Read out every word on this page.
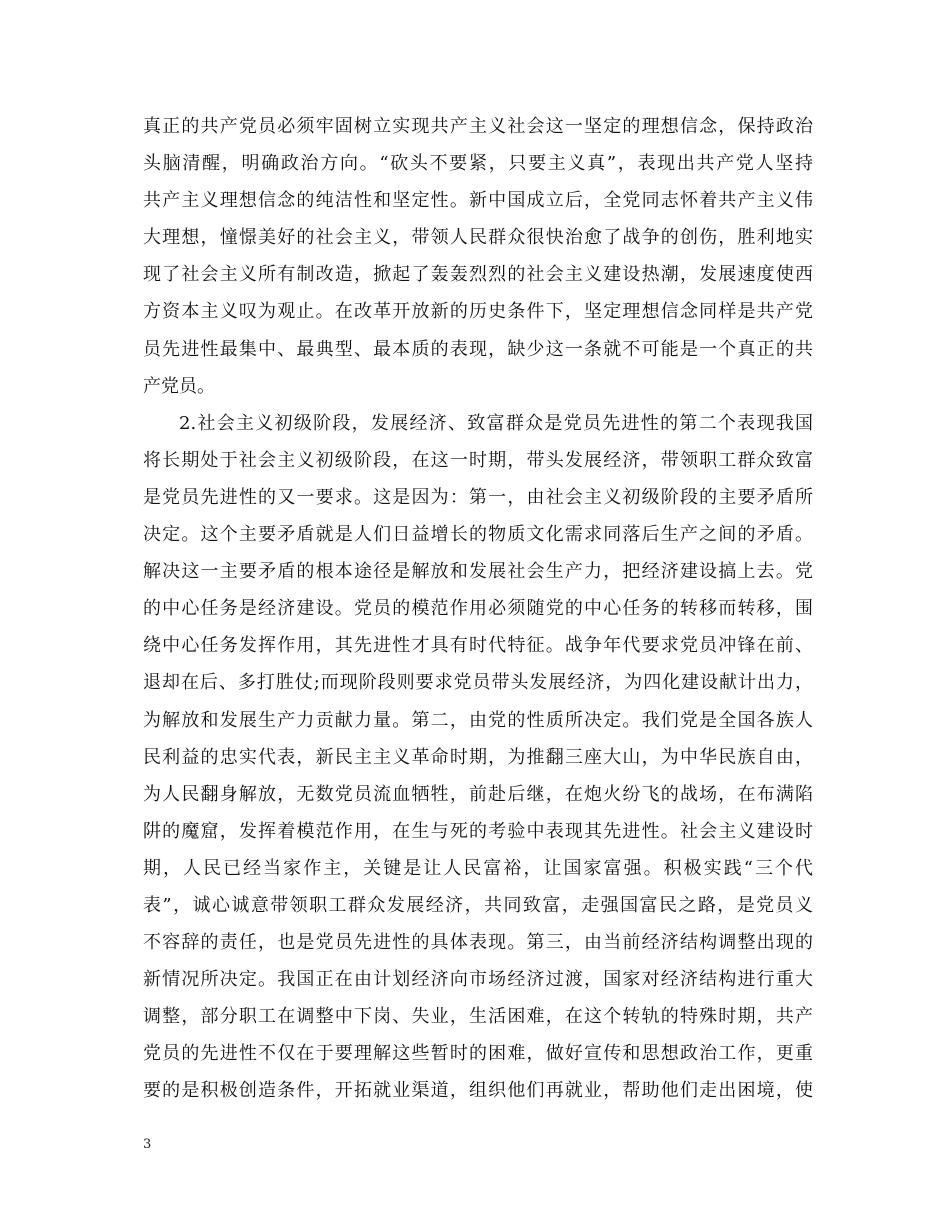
真正的共产党员必须牢固树立实现共产主义社会这一坚定的理想信念，保持政治
头脑清醒，明确政治方向。“砍头不要紧，只要主义真”，表现出共产党人坚持
共产主义理想信念的纯洁性和坚定性。新中国成立后，全党同志怀着共产主义伟
大理想，憧憬美好的社会主义，带领人民群众很快治愈了战争的创伤，胜利地实
现了社会主义所有制改造，掀起了轰轰烈烈的社会主义建设热潮，发展速度使西
方资本主义叹为观止。在改革开放新的历史条件下，坚定理想信念同样是共产党
员先进性最集中、最典型、最本质的表现，缺少这一条就不可能是一个真正的共
产党员。
2.社会主义初级阶段，发展经济、致富群众是党员先进性的第二个表现我国
将长期处于社会主义初级阶段，在这一时期，带头发展经济，带领职工群众致富
是党员先进性的又一要求。这是因为：第一，由社会主义初级阶段的主要矛盾所
决定。这个主要矛盾就是人们日益增长的物质文化需求同落后生产之间的矛盾。
解决这一主要矛盾的根本途径是解放和发展社会生产力，把经济建设搞上去。党
的中心任务是经济建设。党员的模范作用必须随党的中心任务的转移而转移，围
绕中心任务发挥作用，其先进性才具有时代特征。战争年代要求党员冲锋在前、
退却在后、多打胜仗;而现阶段则要求党员带头发展经济，为四化建设献计出力，
为解放和发展生产力贡献力量。第二，由党的性质所决定。我们党是全国各族人
民利益的忠实代表，新民主主义革命时期，为推翻三座大山，为中华民族自由，
为人民翻身解放，无数党员流血牺牲，前赴后继，在炮火纷飞的战场，在布满陷
阱的魔窟，发挥着模范作用，在生与死的考验中表现其先进性。社会主义建设时
期，人民已经当家作主，关键是让人民富裕，让国家富强。积极实践“三个代
表”，诚心诚意带领职工群众发展经济，共同致富，走强国富民之路，是党员义
不容辞的责任，也是党员先进性的具体表现。第三，由当前经济结构调整出现的
新情况所决定。我国正在由计划经济向市场经济过渡，国家对经济结构进行重大
调整，部分职工在调整中下岗、失业，生活困难，在这个转轨的特殊时期，共产
党员的先进性不仅在于要理解这些暂时的困难，做好宣传和思想政治工作，更重
要的是积极创造条件，开拓就业渠道，组织他们再就业，帮助他们走出困境，使
3
